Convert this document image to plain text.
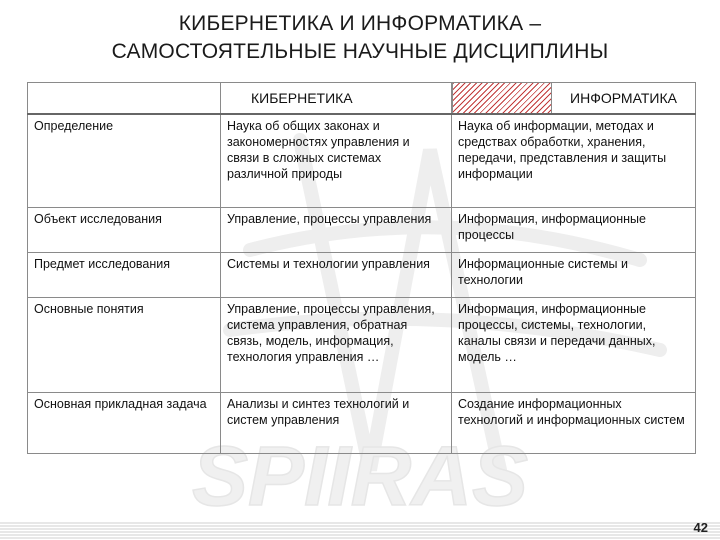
SPIIRAS
КИБЕРНЕТИКА И ИНФОРМАТИКА –
САМОСТОЯТЕЛЬНЫЕ НАУЧНЫЕ ДИСЦИПЛИНЫ
	КИБЕРНЕТИКА	ИНФОРМАТИКА

Определение	Наука об общих законах и закономерностях управления и связи в сложных системах различной природы	Наука об информации, методах и средствах обработки, хранения, передачи, представления и защиты информации
Объект исследования	Управление, процессы управления	Информация, информационные процессы
Предмет исследования	Системы и технологии управления	Информационные системы и технологии
Основные понятия	Управление, процессы управления, система управления, обратная связь, модель, информация, технология управления …	Информация, информационные процессы, системы, технологии, каналы связи и передачи данных, модель …
Основная прикладная задача	Анализы и синтез технологий и систем управления	Создание информационных технологий и информационных систем
42
